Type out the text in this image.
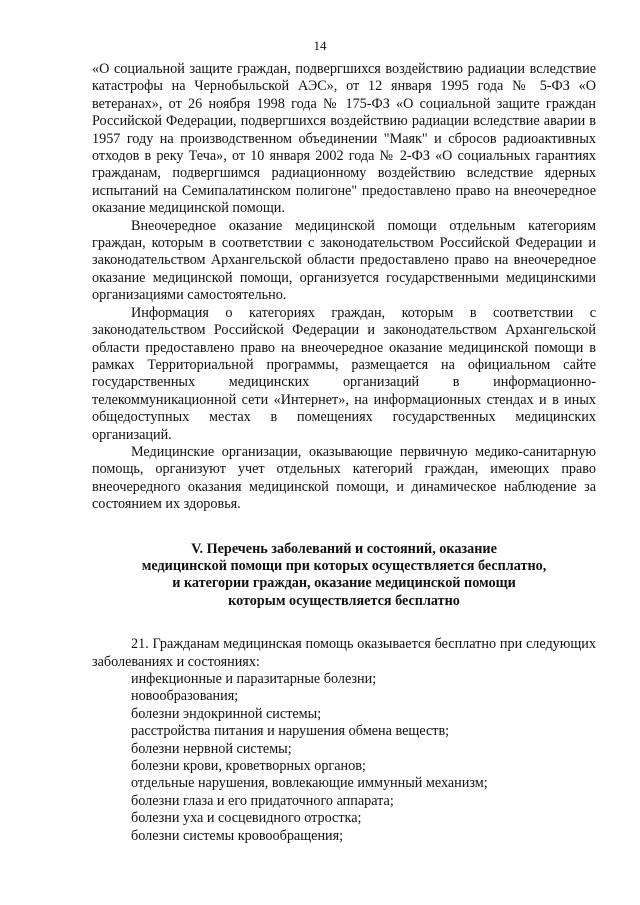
14

«О социальной защите граждан, подвергшихся воздействию радиации вследствие катастрофы на Чернобыльской АЭС», от 12 января 1995 года № 5-ФЗ «О ветеранах», от 26 ноября 1998 года № 175-ФЗ «О социальной защите граждан Российской Федерации, подвергшихся воздействию радиации вследствие аварии в 1957 году на производственном объединении "Маяк" и сбросов радиоактивных отходов в реку Теча», от 10 января 2002 года № 2-ФЗ «О социальных гарантиях гражданам, подвергшимся радиационному воздействию вследствие ядерных испытаний на Семипалатинском полигоне" предоставлено право на внеочередное оказание медицинской помощи.

Внеочередное оказание медицинской помощи отдельным категориям граждан, которым в соответствии с законодательством Российской Федерации и законодательством Архангельской области предоставлено право на внеочередное оказание медицинской помощи, организуется государственными медицинскими организациями самостоятельно.

Информация о категориях граждан, которым в соответствии с законодательством Российской Федерации и законодательством Архангельской области предоставлено право на внеочередное оказание медицинской помощи в рамках Территориальной программы, размещается на официальном сайте государственных медицинских организаций в информационно-телекоммуникационной сети «Интернет», на информационных стендах и в иных общедоступных местах в помещениях государственных медицинских организаций.

Медицинские организации, оказывающие первичную медико-санитарную помощь, организуют учет отдельных категорий граждан, имеющих право внеочередного оказания медицинской помощи, и динамическое наблюдение за состоянием их здоровья.

V. Перечень заболеваний и состояний, оказание
медицинской помощи при которых осуществляется бесплатно,
и категории граждан, оказание медицинской помощи
которым осуществляется бесплатно

21. Гражданам медицинская помощь оказывается бесплатно при следующих заболеваниях и состояниях:

инфекционные и паразитарные болезни;
новообразования;
болезни эндокринной системы;
расстройства питания и нарушения обмена веществ;
болезни нервной системы;
болезни крови, кроветворных органов;
отдельные нарушения, вовлекающие иммунный механизм;
болезни глаза и его придаточного аппарата;
болезни уха и сосцевидного отростка;
болезни системы кровообращения;
